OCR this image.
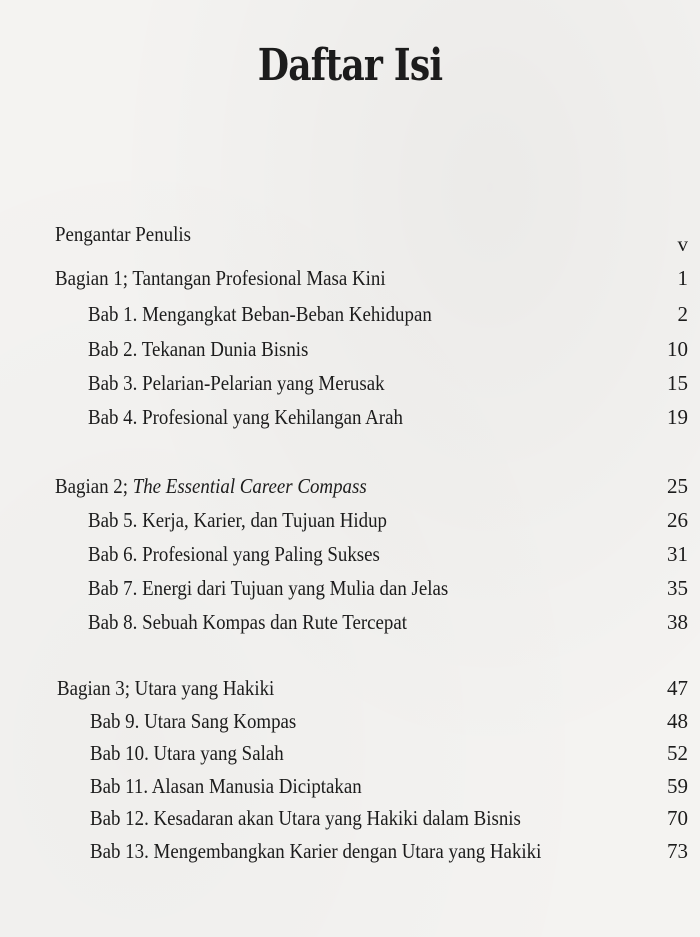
Daftar Isi
Pengantar Penulis	v
Bagian 1; Tantangan Profesional Masa Kini	1
Bab 1. Mengangkat Beban-Beban Kehidupan	2
Bab 2. Tekanan Dunia Bisnis	10
Bab 3. Pelarian-Pelarian yang Merusak	15
Bab 4. Profesional yang Kehilangan Arah	19
Bagian 2; The Essential Career Compass	25
Bab 5. Kerja, Karier, dan Tujuan Hidup	26
Bab 6. Profesional yang Paling Sukses	31
Bab 7. Energi dari Tujuan yang Mulia dan Jelas	35
Bab 8. Sebuah Kompas dan Rute Tercepat	38
Bagian 3; Utara yang Hakiki	47
Bab 9. Utara Sang Kompas	48
Bab 10. Utara yang Salah	52
Bab 11. Alasan Manusia Diciptakan	59
Bab 12. Kesadaran akan Utara yang Hakiki dalam Bisnis	70
Bab 13. Mengembangkan Karier dengan Utara yang Hakiki	73
